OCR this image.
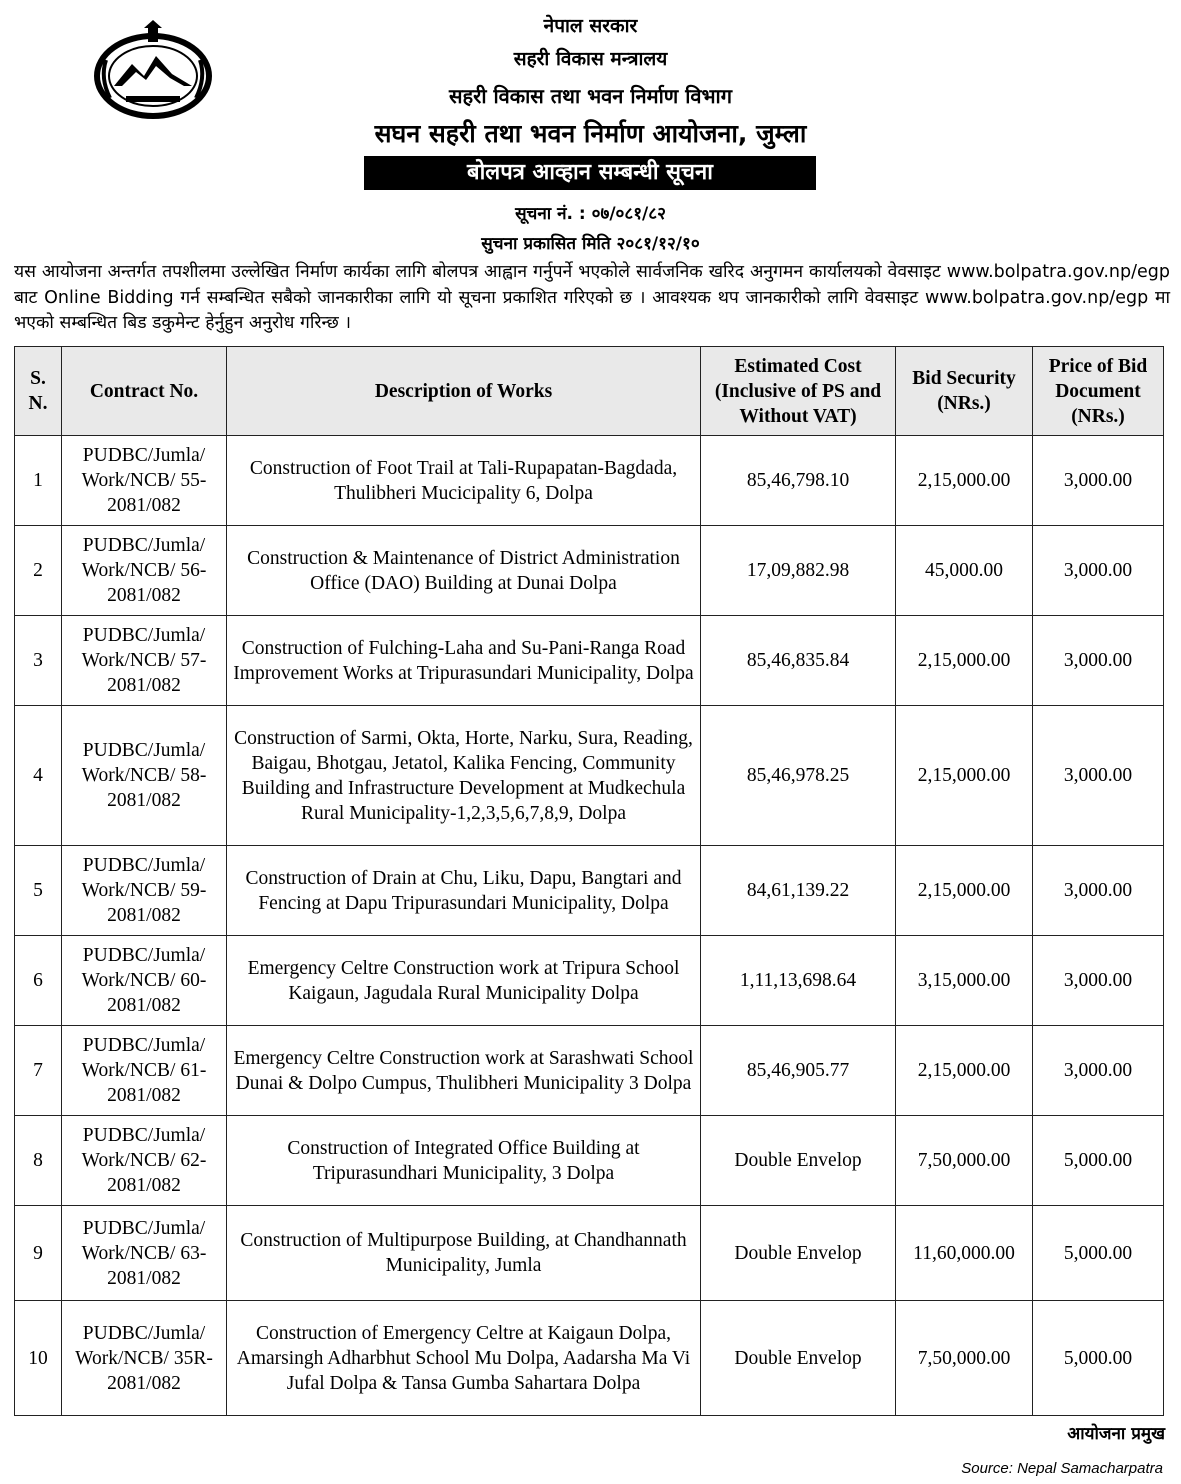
नेपाल सरकार
सहरी विकास मन्त्रालय
सहरी विकास तथा भवन निर्माण विभाग
सघन सहरी तथा भवन निर्माण आयोजना, जुम्ला
बोलपत्र आव्हान सम्बन्धी सूचना
सूचना नं. : ०७/०८१/८२
सुचना प्रकासित मिति २०८१/१२/१०
यस आयोजना अन्तर्गत तपशीलमा उल्लेखित निर्माण कार्यका लागि बोलपत्र आह्वान गर्नुपर्ने भएकोले सार्वजनिक खरिद अनुगमन कार्यालयको वेवसाइट www.bolpatra.gov.np/egp बाट Online Bidding गर्न सम्बन्धित सबैको जानकारीका लागि यो सूचना प्रकाशित गरिएको छ । आवश्यक थप जानकारीको लागि वेवसाइट www.bolpatra.gov.np/egp मा भएको सम्बन्धित बिड डकुमेन्ट हेर्नुहुन अनुरोध गरिन्छ ।
S. N.	Contract No.	Description of Works	Estimated Cost (Inclusive of PS and Without VAT)	Bid Security (NRs.)	Price of Bid Document (NRs.)
1	PUDBC/Jumla/ Work/NCB/ 55-2081/082	Construction of Foot Trail at Tali-Rupapatan-Bagdada, Thulibheri Mucicipality 6, Dolpa	85,46,798.10	2,15,000.00	3,000.00
2	PUDBC/Jumla/ Work/NCB/ 56-2081/082	Construction & Maintenance of District Administration Office (DAO) Building at Dunai Dolpa	17,09,882.98	45,000.00	3,000.00
3	PUDBC/Jumla/ Work/NCB/ 57-2081/082	Construction of Fulching-Laha and Su-Pani-Ranga Road Improvement Works at Tripurasundari Municipality, Dolpa	85,46,835.84	2,15,000.00	3,000.00
4	PUDBC/Jumla/ Work/NCB/ 58-2081/082	Construction of Sarmi, Okta, Horte, Narku, Sura, Reading, Baigau, Bhotgau, Jetatol, Kalika Fencing, Community Building and Infrastructure Development at Mudkechula Rural Municipality-1,2,3,5,6,7,8,9, Dolpa	85,46,978.25	2,15,000.00	3,000.00
5	PUDBC/Jumla/ Work/NCB/ 59-2081/082	Construction of Drain at Chu, Liku, Dapu, Bangtari and Fencing at Dapu Tripurasundari Municipality, Dolpa	84,61,139.22	2,15,000.00	3,000.00
6	PUDBC/Jumla/ Work/NCB/ 60-2081/082	Emergency Celtre Construction work at Tripura School Kaigaun, Jagudala Rural Municipality Dolpa	1,11,13,698.64	3,15,000.00	3,000.00
7	PUDBC/Jumla/ Work/NCB/ 61-2081/082	Emergency Celtre Construction work at Sarashwati School Dunai & Dolpo Cumpus, Thulibheri Municipality 3 Dolpa	85,46,905.77	2,15,000.00	3,000.00
8	PUDBC/Jumla/ Work/NCB/ 62-2081/082	Construction of Integrated Office Building at Tripurasundhari Municipality, 3 Dolpa	Double Envelop	7,50,000.00	5,000.00
9	PUDBC/Jumla/ Work/NCB/ 63-2081/082	Construction of Multipurpose Building, at Chandhannath Municipality, Jumla	Double Envelop	11,60,000.00	5,000.00
10	PUDBC/Jumla/ Work/NCB/ 35R-2081/082	Construction of Emergency Celtre at Kaigaun Dolpa, Amarsingh Adharbhut School Mu Dolpa, Aadarsha Ma Vi Jufal Dolpa & Tansa Gumba Sahartara Dolpa	Double Envelop	7,50,000.00	5,000.00
आयोजना प्रमुख
Source: Nepal Samacharpatra
